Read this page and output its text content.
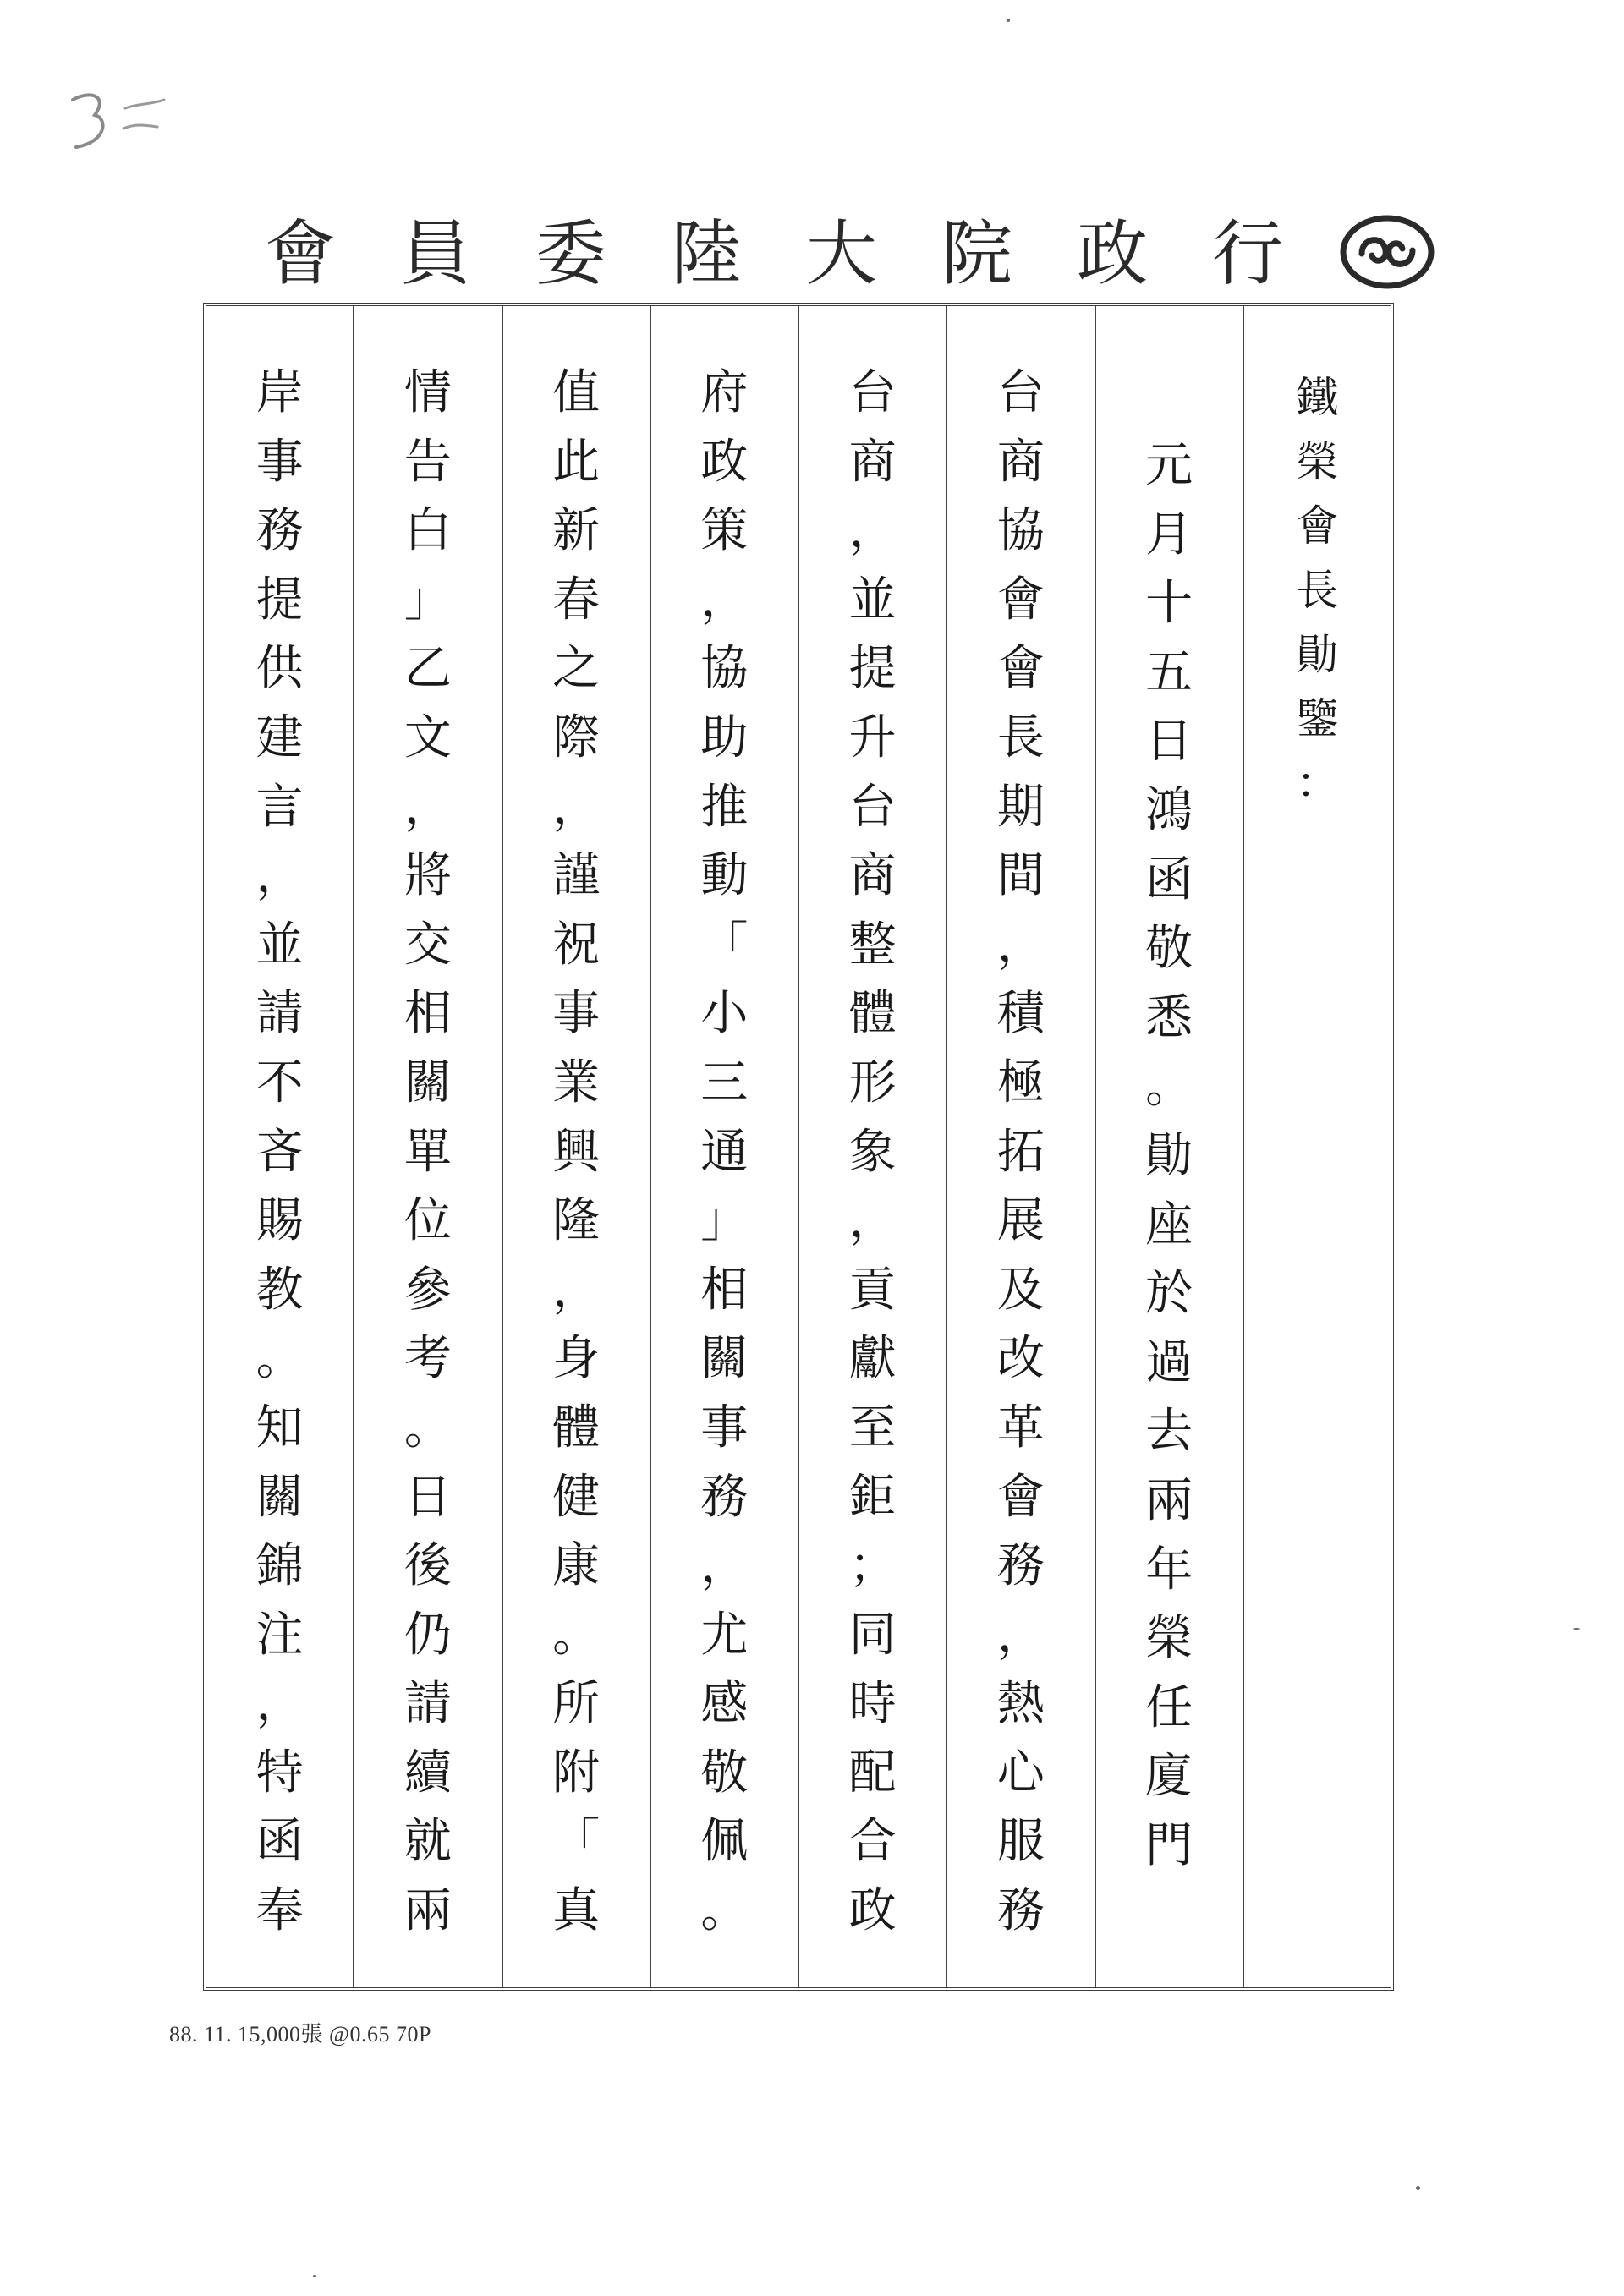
行
政
院
大
陸
委
員
會
鐵
榮
會
長
勛
鑒
：
元
月
十
五
日
鴻
函
敬
悉
。
勛
座
於
過
去
兩
年
榮
任
廈
門
台
商
協
會
會
長
期
間
，
積
極
拓
展
及
改
革
會
務
，
熱
心
服
務
台
商
，
並
提
升
台
商
整
體
形
象
，
貢
獻
至
鉅
；
同
時
配
合
政
府
政
策
，
協
助
推
動
「
小
三
通
」
相
關
事
務
，
尤
感
敬
佩
。
值
此
新
春
之
際
，
謹
祝
事
業
興
隆
，
身
體
健
康
。
所
附
「
真
情
告
白
」
乙
文
，
將
交
相
關
單
位
參
考
。
日
後
仍
請
續
就
兩
岸
事
務
提
供
建
言
，
並
請
不
吝
賜
教
。
知
關
錦
注
，
特
函
奉
88. 11. 15,000張 @0.65 70P
